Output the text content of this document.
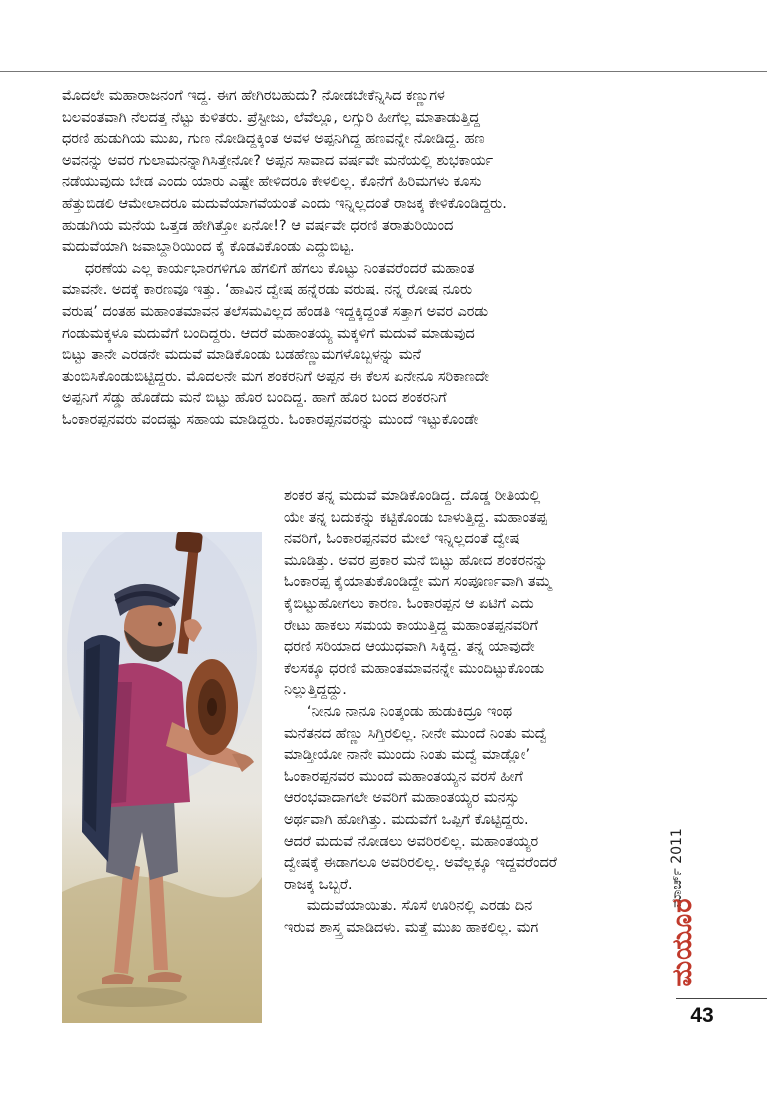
ಮೊದಲೇ ಮಹಾರಾಜನಂಗೆ ಇದ್ದ. ಈಗ ಹೇಗಿರಬಹುದು? ನೋಡಬೇಕೆನ್ನಿಸಿದ ಕಣ್ಣುಗಳ
ಬಲವಂತವಾಗಿ ನೆಲದತ್ತ ನೆಟ್ಟು ಕುಳಿತರು. ಪ್ರೆಸ್ಟೀಜು, ಲೆವೆಲ್ಲೂ, ಲಗ್ಸುರಿ ಹೀಗೆಲ್ಲ ಮಾತಾಡುತ್ತಿದ್ದ
ಧರಣಿ ಹುಡುಗಿಯ ಮುಖ, ಗುಣ ನೋಡಿದ್ದಕ್ಕಿಂತ ಅವಳ ಅಪ್ಪನಿಗಿದ್ದ ಹಣವನ್ನೇ ನೋಡಿದ್ದ. ಹಣ
ಅವನನ್ನು ಅವರ ಗುಲಾಮನನ್ನಾಗಿಸಿತ್ತೇನೋ? ಅಪ್ಪನ ಸಾವಾದ ವರ್ಷವೇ ಮನೆಯಲ್ಲಿ ಶುಭಕಾರ್ಯ
ನಡೆಯುವುದು ಬೇಡ ಎಂದು ಯಾರು ಎಷ್ಟೇ ಹೇಳಿದರೂ ಕೇಳಲಿಲ್ಲ. ಕೊನೆಗೆ ಹಿರಿಮಗಳು ಕೂಸು
ಹೆತ್ತುಬಿಡಲಿ ಆಮೇಲಾದರೂ ಮದುವೆಯಾಗವೆಯಂತೆ ಎಂದು ಇನ್ನಿಲ್ಲದಂತೆ ರಾಜಕ್ಕ ಕೇಳಿಕೊಂಡಿದ್ದರು.
ಹುಡುಗಿಯ ಮನೆಯ ಒತ್ತಡ ಹೇಗಿತ್ತೋ ಏನೋ!? ಆ ವರ್ಷವೇ ಧರಣಿ ತರಾತುರಿಯಿಂದ
ಮದುವೆಯಾಗಿ ಜವಾಬ್ದಾರಿಯಿಂದ ಕೈ ಕೊಡವಿಕೊಂಡು ಎದ್ದುಬಿಟ್ಟ.
ಧರಣೆಯ ಎಲ್ಲ ಕಾರ್ಯಭಾರಗಳಿಗೂ ಹೆಗಲಿಗೆ ಹೆಗಲು ಕೊಟ್ಟು ನಿಂತವರೆಂದರೆ ಮಹಾಂತ
ಮಾವನೇ. ಅದಕ್ಕೆ ಕಾರಣವೂ ಇತ್ತು. ‘ಹಾವಿನ ದ್ವೇಷ ಹನ್ನೆರಡು ವರುಷ. ನನ್ನ ರೋಷ ನೂರು
ವರುಷ’ ದಂತಹ ಮಹಾಂತಮಾವನ ತಲೆಸಮವಿಲ್ಲದ ಹೆಂಡತಿ ಇದ್ದಕ್ಕಿದ್ದಂತೆ ಸತ್ತಾಗ ಅವರ ಎರಡು
ಗಂಡುಮಕ್ಕಳೂ ಮದುವೆಗೆ ಬಂದಿದ್ದರು. ಆದರೆ ಮಹಾಂತಯ್ಯ ಮಕ್ಕಳಿಗೆ ಮದುವೆ ಮಾಡುವುದ
ಬಿಟ್ಟು ತಾನೇ ಎರಡನೇ ಮದುವೆ ಮಾಡಿಕೊಂಡು ಬಡಹೆಣ್ಣುಮಗಳೊಬ್ಬಳನ್ನು ಮನೆ
ತುಂಬಿಸಿಕೊಂಡುಬಿಟ್ಟಿದ್ದರು. ಮೊದಲನೇ ಮಗ ಶಂಕರನಿಗೆ ಅಪ್ಪನ ಈ ಕೆಲಸ ಏನೇನೂ ಸರಿಕಾಣದೇ
ಅಪ್ಪನಿಗೆ ಸೆಡ್ಡು ಹೊಡೆದು ಮನೆ ಬಿಟ್ಟು ಹೊರ ಬಂದಿದ್ದ. ಹಾಗೆ ಹೊರ ಬಂದ ಶಂಕರನಿಗೆ
ಓಂಕಾರಪ್ಪನವರು ವಂದಷ್ಟು ಸಹಾಯ ಮಾಡಿದ್ದರು. ಓಂಕಾರಪ್ಪನವರನ್ನು ಮುಂದೆ ಇಟ್ಟುಕೊಂಡೇ

ಶಂಕರ ತನ್ನ ಮದುವೆ ಮಾಡಿಕೊಂಡಿದ್ದ. ದೊಡ್ಡ ರೀತಿಯಲ್ಲಿ
ಯೇ ತನ್ನ ಬದುಕನ್ನು ಕಟ್ಟಿಕೊಂಡು ಬಾಳುತ್ತಿದ್ದ. ಮಹಾಂತಪ್ಪ
ನವರಿಗೆ, ಓಂಕಾರಪ್ಪನವರ ಮೇಲೆ ಇನ್ನಿಲ್ಲದಂತೆ ದ್ವೇಷ
ಮೂಡಿತ್ತು. ಅವರ ಪ್ರಕಾರ ಮನೆ ಬಿಟ್ಟು ಹೋದ ಶಂಕರನನ್ನು
ಓಂಕಾರಪ್ಪ ಕೈಯಾತುಕೊಂಡಿದ್ದೇ ಮಗ ಸಂಪೂರ್ಣವಾಗಿ ತಮ್ಮ
ಕೈಬಿಟ್ಟುಹೋಗಲು ಕಾರಣ. ಓಂಕಾರಪ್ಪನ ಆ ಏಟಿಗೆ ಎದು
ರೇಟು ಹಾಕಲು ಸಮಯ ಕಾಯುತ್ತಿದ್ದ ಮಹಾಂತಪ್ಪನವರಿಗೆ
ಧರಣಿ ಸರಿಯಾದ ಆಯುಧವಾಗಿ ಸಿಕ್ಕಿದ್ದ. ತನ್ನ ಯಾವುದೇ
ಕೆಲಸಕ್ಕೂ ಧರಣಿ ಮಹಾಂತಮಾವನನ್ನೇ ಮುಂದಿಟ್ಟುಕೊಂಡು
ನಿಲ್ಲುತ್ತಿದ್ದದ್ದು.
‘ನೀನೂ ನಾನೂ ನಿಂತ್ಕಂಡು ಹುಡುಕಿದ್ರೂ ಇಂಥ
ಮನೆತನದ ಹೆಣ್ಣು ಸಿಗ್ತಿರಲಿಲ್ಲ. ನೀನೇ ಮುಂದೆ ನಿಂತು ಮದ್ವೆ
ಮಾಡ್ತೀಯೋ ನಾನೇ ಮುಂದು ನಿಂತು ಮದ್ವೆ ಮಾಡ್ಲೋ’
ಓಂಕಾರಪ್ಪನವರ ಮುಂದೆ ಮಹಾಂತಯ್ಯನ ವರಸೆ ಹೀಗೆ
ಆರಂಭವಾದಾಗಲೇ ಅವರಿಗೆ ಮಹಾಂತಯ್ಯರ ಮನಸ್ಸು
ಅರ್ಥವಾಗಿ ಹೋಗಿತ್ತು. ಮದುವೆಗೆ ಒಪ್ಪಿಗೆ ಕೊಟ್ಟಿದ್ದರು.
ಆದರೆ ಮದುವೆ ನೋಡಲು ಅವರಿರಲಿಲ್ಲ. ಮಹಾಂತಯ್ಯರ
ದ್ವೇಷಕ್ಕೆ ಈಡಾಗಲೂ ಅವರಿರಲಿಲ್ಲ. ಅವೆಲ್ಲಕ್ಕೂ ಇದ್ದವರೆಂದರೆ
ರಾಜಕ್ಕ ಒಬ್ಬರೆ.
ಮದುವೆಯಾಯಿತು. ಸೊಸೆ ಊರಿನಲ್ಲಿ ಎರಡು ದಿನ
ಇರುವ ಶಾಸ್ತ್ರ ಮಾಡಿದಳು. ಮತ್ತೆ ಮುಖ ಹಾಕಲಿಲ್ಲ. ಮಗ

ಮಾರ್ಚ್ 2011
ಮಯೂರ
43
